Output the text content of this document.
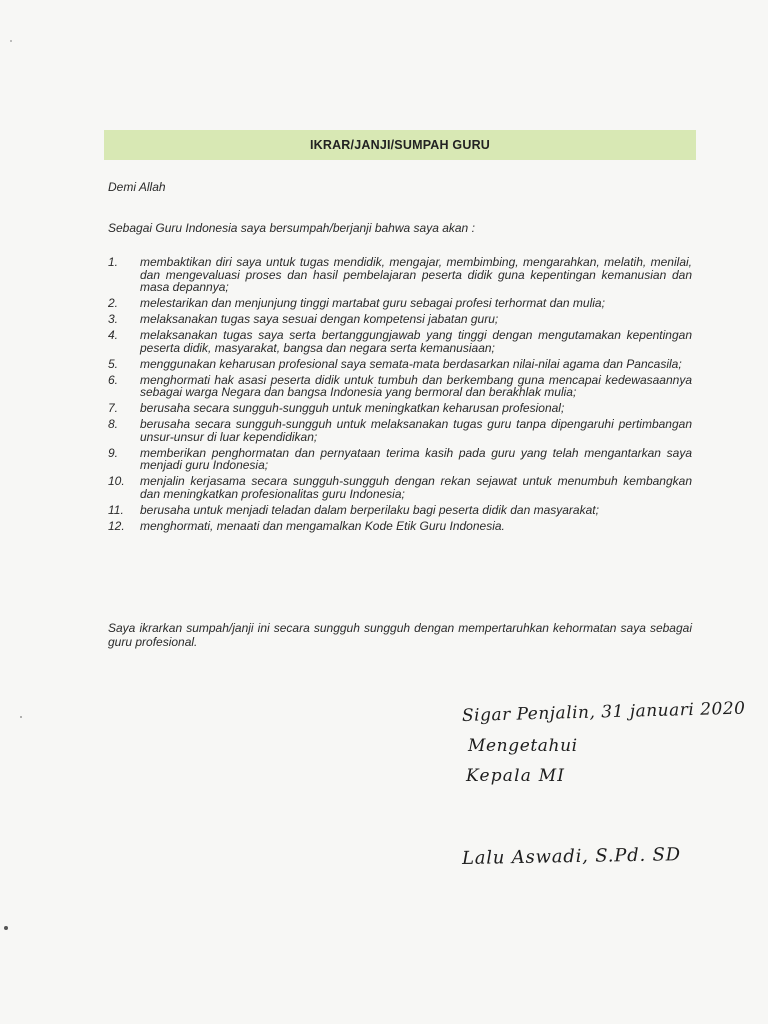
IKRAR/JANJI/SUMPAH GURU
Demi Allah
Sebagai Guru Indonesia saya bersumpah/berjanji bahwa saya akan :
1.	membaktikan diri saya untuk tugas mendidik, mengajar, membimbing, mengarahkan, melatih, menilai, dan mengevaluasi proses dan hasil pembelajaran peserta didik guna kepentingan kemanusian dan masa depannya;
2.	melestarikan dan menjunjung tinggi martabat guru sebagai profesi terhormat dan mulia;
3.	melaksanakan tugas saya sesuai dengan kompetensi jabatan guru;
4.	melaksanakan tugas saya serta bertanggungjawab yang tinggi dengan mengutamakan kepentingan peserta didik, masyarakat, bangsa dan negara serta kemanusiaan;
5.	menggunakan keharusan profesional saya semata-mata berdasarkan nilai-nilai agama dan Pancasila;
6.	menghormati hak asasi peserta didik untuk tumbuh dan berkembang guna mencapai kedewasaannya sebagai warga Negara dan bangsa Indonesia yang bermoral dan berakhlak mulia;
7.	berusaha secara sungguh-sungguh untuk meningkatkan keharusan profesional;
8.	berusaha secara sungguh-sungguh untuk melaksanakan tugas guru tanpa dipengaruhi pertimbangan unsur-unsur di luar kependidikan;
9.	memberikan penghormatan dan pernyataan terima kasih pada guru yang telah mengantarkan saya menjadi guru Indonesia;
10.	menjalin kerjasama secara sungguh-sungguh dengan rekan sejawat untuk menumbuh kembangkan dan meningkatkan profesionalitas guru Indonesia;
11.	berusaha untuk menjadi teladan dalam berperilaku bagi peserta didik dan masyarakat;
12.	menghormati, menaati dan mengamalkan Kode Etik Guru Indonesia.
Saya ikrarkan sumpah/janji ini secara sungguh sungguh dengan mempertaruhkan kehormatan saya sebagai guru profesional.
Sigar Penjalin, 31 januari 2020
Mengetahui
Kepala MI
Lalu Aswadi, S.Pd. SD
